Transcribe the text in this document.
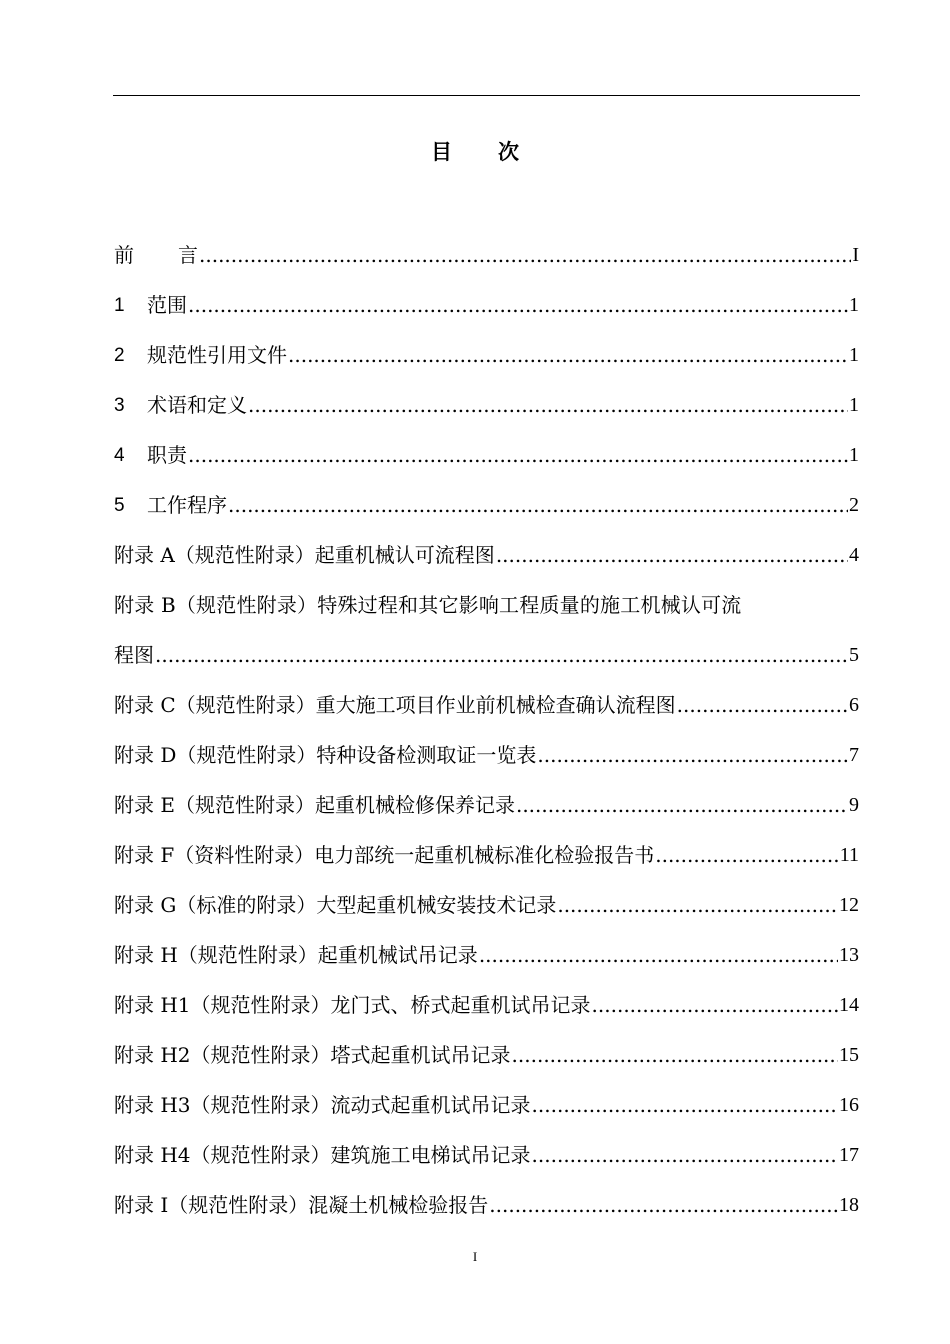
目 次
前 言 .....	I
1	范围 .....	1
2	规范性引用文件 .....	1
3	术语和定义 .....	1
4	职责 .....	1
5	工作程序 .....	2
附录 A（规范性附录）起重机械认可流程图 .....	4
附录 B（规范性附录）特殊过程和其它影响工程质量的施工机械认可流
程图 .....	5
附录 C（规范性附录）重大施工项目作业前机械检查确认流程图 .....	6
附录 D（规范性附录）特种设备检测取证一览表 .....	7
附录 E（规范性附录）起重机械检修保养记录 .....	9
附录 F（资料性附录）电力部统一起重机械标准化检验报告书 .....	11
附录 G（标准的附录）大型起重机械安装技术记录 .....	12
附录 H（规范性附录）起重机械试吊记录 .....	13
附录 H1（规范性附录）龙门式、桥式起重机试吊记录 .....	14
附录 H2（规范性附录）塔式起重机试吊记录 .....	15
附录 H3（规范性附录）流动式起重机试吊记录 .....	16
附录 H4（规范性附录）建筑施工电梯试吊记录 .....	17
附录 I（规范性附录）混凝土机械检验报告 .....	18
I
